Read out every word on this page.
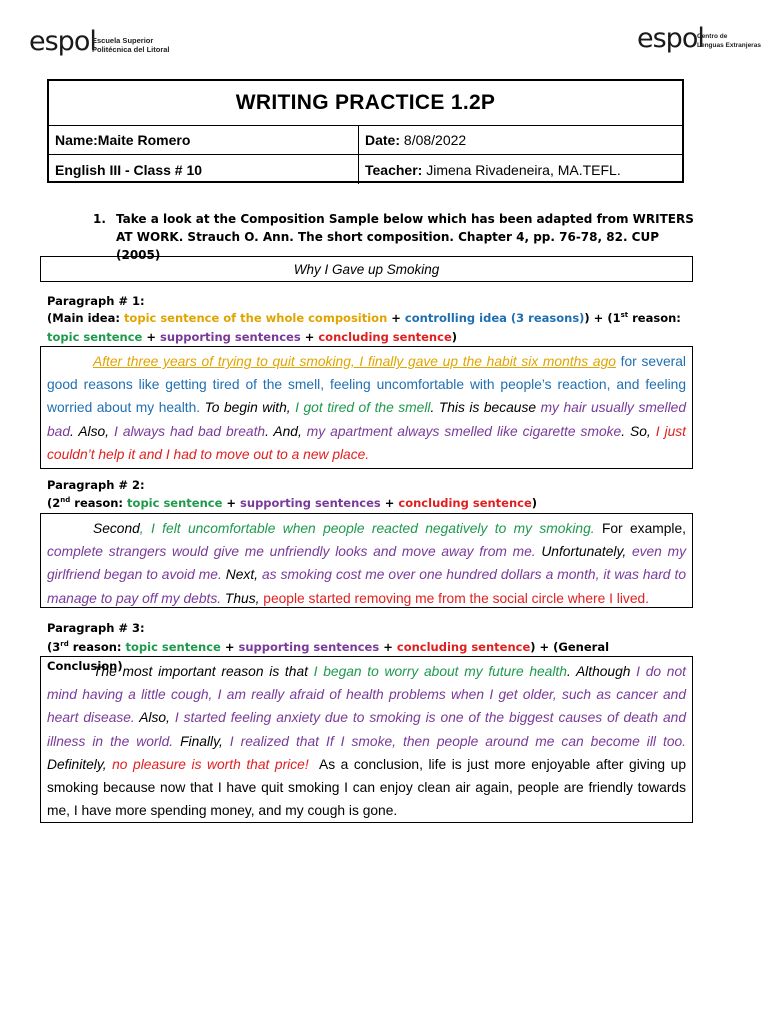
espol
Escuela Superior
Politécnica del Litoral	espol
Centro de
Lenguas Extranjeras
WRITING PRACTICE 1.2P
Name:Maite Romero	Date: 8/08/2022
English III - Class # 10	Teacher: Jimena Rivadeneira, MA.TEFL.
1. Take a look at the Composition Sample below which has been adapted from WRITERS AT WORK. Strauch O. Ann. The short composition. Chapter 4, pp. 76-78, 82. CUP (2005)
Why I Gave up Smoking
Paragraph # 1:
(Main idea: topic sentence of the whole composition + controlling idea (3 reasons)) + (1st reason: topic sentence + supporting sentences + concluding sentence)

After three years of trying to quit smoking, I finally gave up the habit six months ago for several good reasons like getting tired of the smell, feeling uncomfortable with people’s reaction, and feeling worried about my health. To begin with, I got tired of the smell. This is because my hair usually smelled bad. Also, I always had bad breath. And, my apartment always smelled like cigarette smoke. So, I just couldn’t help it and I had to move out to a new place.

Paragraph # 2:
(2nd reason: topic sentence + supporting sentences + concluding sentence)

Second, I felt uncomfortable when people reacted negatively to my smoking. For example, complete strangers would give me unfriendly looks and move away from me. Unfortunately, even my girlfriend began to avoid me. Next, as smoking cost me over one hundred dollars a month, it was hard to manage to pay off my debts. Thus, people started removing me from the social circle where I lived.

Paragraph # 3:
(3rd reason: topic sentence + supporting sentences + concluding sentence) + (General Conclusion)

The most important reason is that I began to worry about my future health. Although I do not mind having a little cough, I am really afraid of health problems when I get older, such as cancer and heart disease. Also, I started feeling anxiety due to smoking is one of the biggest causes of death and illness in the world. Finally, I realized that If I smoke, then people around me can become ill too. Definitely, no pleasure is worth that price!  As a conclusion, life is just more enjoyable after giving up smoking because now that I have quit smoking I can enjoy clean air again, people are friendly towards me, I have more spending money, and my cough is gone.
